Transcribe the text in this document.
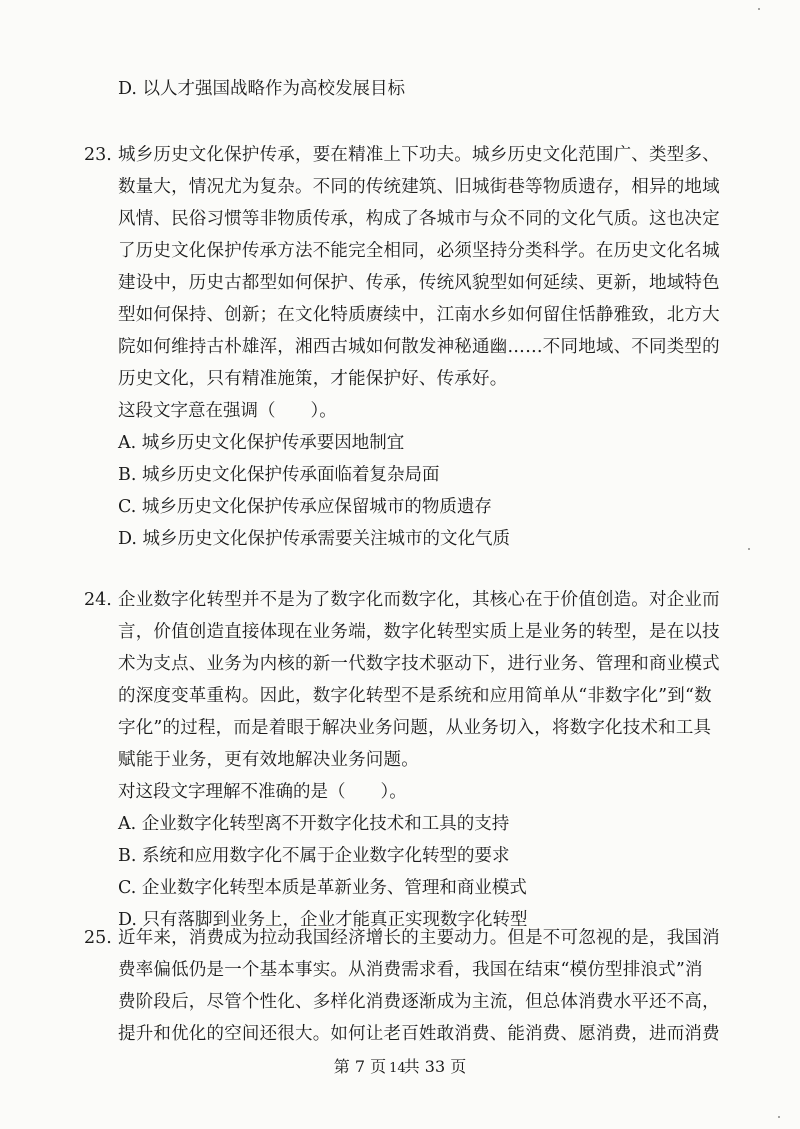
D. 以人才强国战略作为高校发展目标
23. 城乡历史文化保护传承，要在精准上下功夫。城乡历史文化范围广、类型多、
数量大，情况尤为复杂。不同的传统建筑、旧城街巷等物质遗存，相异的地域
风情、民俗习惯等非物质传承，构成了各城市与众不同的文化气质。这也决定
了历史文化保护传承方法不能完全相同，必须坚持分类科学。在历史文化名城
建设中，历史古都型如何保护、传承，传统风貌型如何延续、更新，地域特色
型如何保持、创新；在文化特质赓续中，江南水乡如何留住恬静雅致，北方大
院如何维持古朴雄浑，湘西古城如何散发神秘通幽……不同地域、不同类型的
历史文化，只有精准施策，才能保护好、传承好。
这段文字意在强调（　　）。
A. 城乡历史文化保护传承要因地制宜
B. 城乡历史文化保护传承面临着复杂局面
C. 城乡历史文化保护传承应保留城市的物质遗存
D. 城乡历史文化保护传承需要关注城市的文化气质
24. 企业数字化转型并不是为了数字化而数字化，其核心在于价值创造。对企业而
言，价值创造直接体现在业务端，数字化转型实质上是业务的转型，是在以技
术为支点、业务为内核的新一代数字技术驱动下，进行业务、管理和商业模式
的深度变革重构。因此，数字化转型不是系统和应用简单从“非数字化”到“数
字化”的过程，而是着眼于解决业务问题，从业务切入，将数字化技术和工具
赋能于业务，更有效地解决业务问题。
对这段文字理解不准确的是（　　）。
A. 企业数字化转型离不开数字化技术和工具的支持
B. 系统和应用数字化不属于企业数字化转型的要求
C. 企业数字化转型本质是革新业务、管理和商业模式
D. 只有落脚到业务上，企业才能真正实现数字化转型
25. 近年来，消费成为拉动我国经济增长的主要动力。但是不可忽视的是，我国消
费率偏低仍是一个基本事实。从消费需求看，我国在结束“模仿型排浪式”消
费阶段后，尽管个性化、多样化消费逐渐成为主流，但总体消费水平还不高，
提升和优化的空间还很大。如何让老百姓敢消费、能消费、愿消费，进而消费
第 7 页 14共 33 页
